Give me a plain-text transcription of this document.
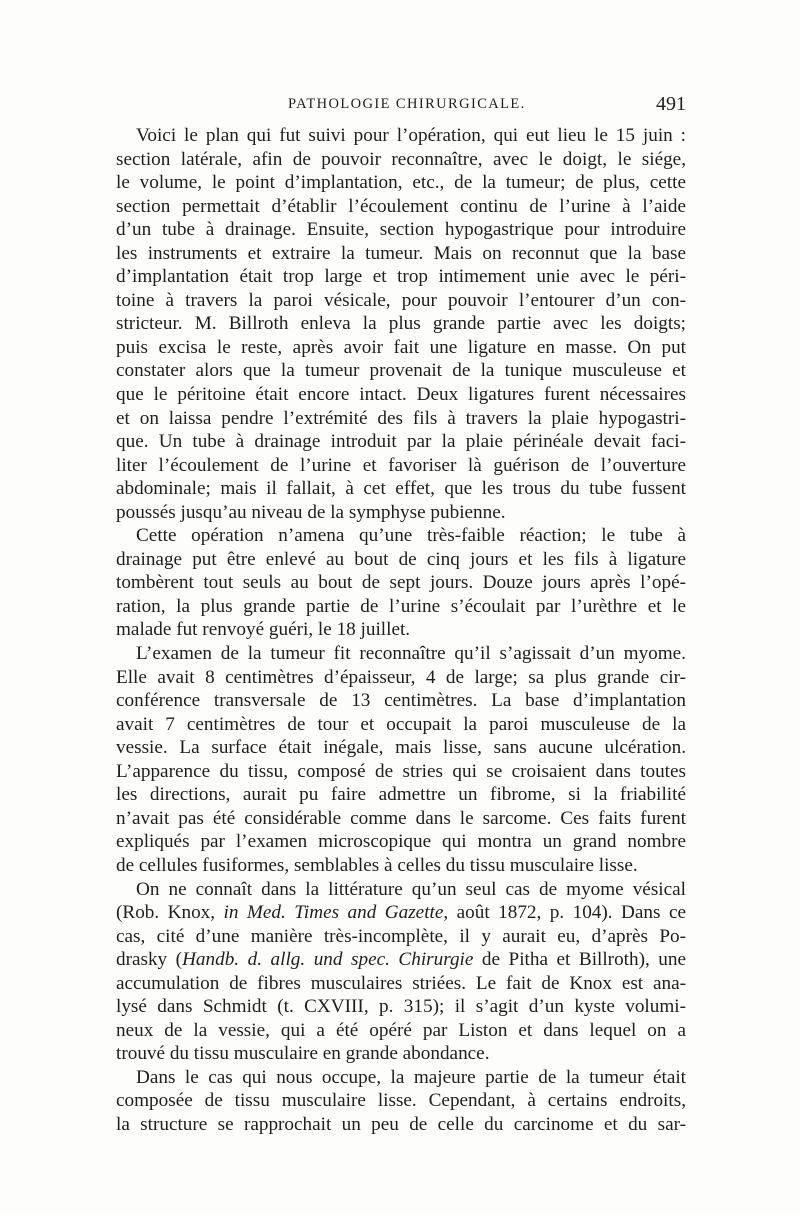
PATHOLOGIE CHIRURGICALE.	491
Voici le plan qui fut suivi pour l’opération, qui eut lieu le 15 juin :
section latérale, afin de pouvoir reconnaître, avec le doigt, le siége,
le volume, le point d’implantation, etc., de la tumeur; de plus, cette
section permettait d’établir l’écoulement continu de l’urine à l’aide
d’un tube à drainage. Ensuite, section hypogastrique pour introduire
les instruments et extraire la tumeur. Mais on reconnut que la base
d’implantation était trop large et trop intimement unie avec le péri-
toine à travers la paroi vésicale, pour pouvoir l’entourer d’un con-
stricteur. M. Billroth enleva la plus grande partie avec les doigts;
puis excisa le reste, après avoir fait une ligature en masse. On put
constater alors que la tumeur provenait de la tunique musculeuse et
que le péritoine était encore intact. Deux ligatures furent nécessaires
et on laissa pendre l’extrémité des fils à travers la plaie hypogastri-
que. Un tube à drainage introduit par la plaie périnéale devait faci-
liter l’écoulement de l’urine et favoriser là guérison de l’ouverture
abdominale; mais il fallait, à cet effet, que les trous du tube fussent
poussés jusqu’au niveau de la symphyse pubienne.
Cette opération n’amena qu’une très-faible réaction; le tube à
drainage put être enlevé au bout de cinq jours et les fils à ligature
tombèrent tout seuls au bout de sept jours. Douze jours après l’opé-
ration, la plus grande partie de l’urine s’écoulait par l’urèthre et le
malade fut renvoyé guéri, le 18 juillet.
L’examen de la tumeur fit reconnaître qu’il s’agissait d’un myome.
Elle avait 8 centimètres d’épaisseur, 4 de large; sa plus grande cir-
conférence transversale de 13 centimètres. La base d’implantation
avait 7 centimètres de tour et occupait la paroi musculeuse de la
vessie. La surface était inégale, mais lisse, sans aucune ulcération.
L’apparence du tissu, composé de stries qui se croisaient dans toutes
les directions, aurait pu faire admettre un fibrome, si la friabilité
n’avait pas été considérable comme dans le sarcome. Ces faits furent
expliqués par l’examen microscopique qui montra un grand nombre
de cellules fusiformes, semblables à celles du tissu musculaire lisse.
On ne connaît dans la littérature qu’un seul cas de myome vésical
(Rob. Knox, in Med. Times and Gazette, août 1872, p. 104). Dans ce
cas, cité d’une manière très-incomplète, il y aurait eu, d’après Po-
drasky (Handb. d. allg. und spec. Chirurgie de Pitha et Billroth), une
accumulation de fibres musculaires striées. Le fait de Knox est ana-
lysé dans Schmidt (t. CXVIII, p. 315); il s’agit d’un kyste volumi-
neux de la vessie, qui a été opéré par Liston et dans lequel on a
trouvé du tissu musculaire en grande abondance.
Dans le cas qui nous occupe, la majeure partie de la tumeur était
composée de tissu musculaire lisse. Cependant, à certains endroits,
la structure se rapprochait un peu de celle du carcinome et du sar-
